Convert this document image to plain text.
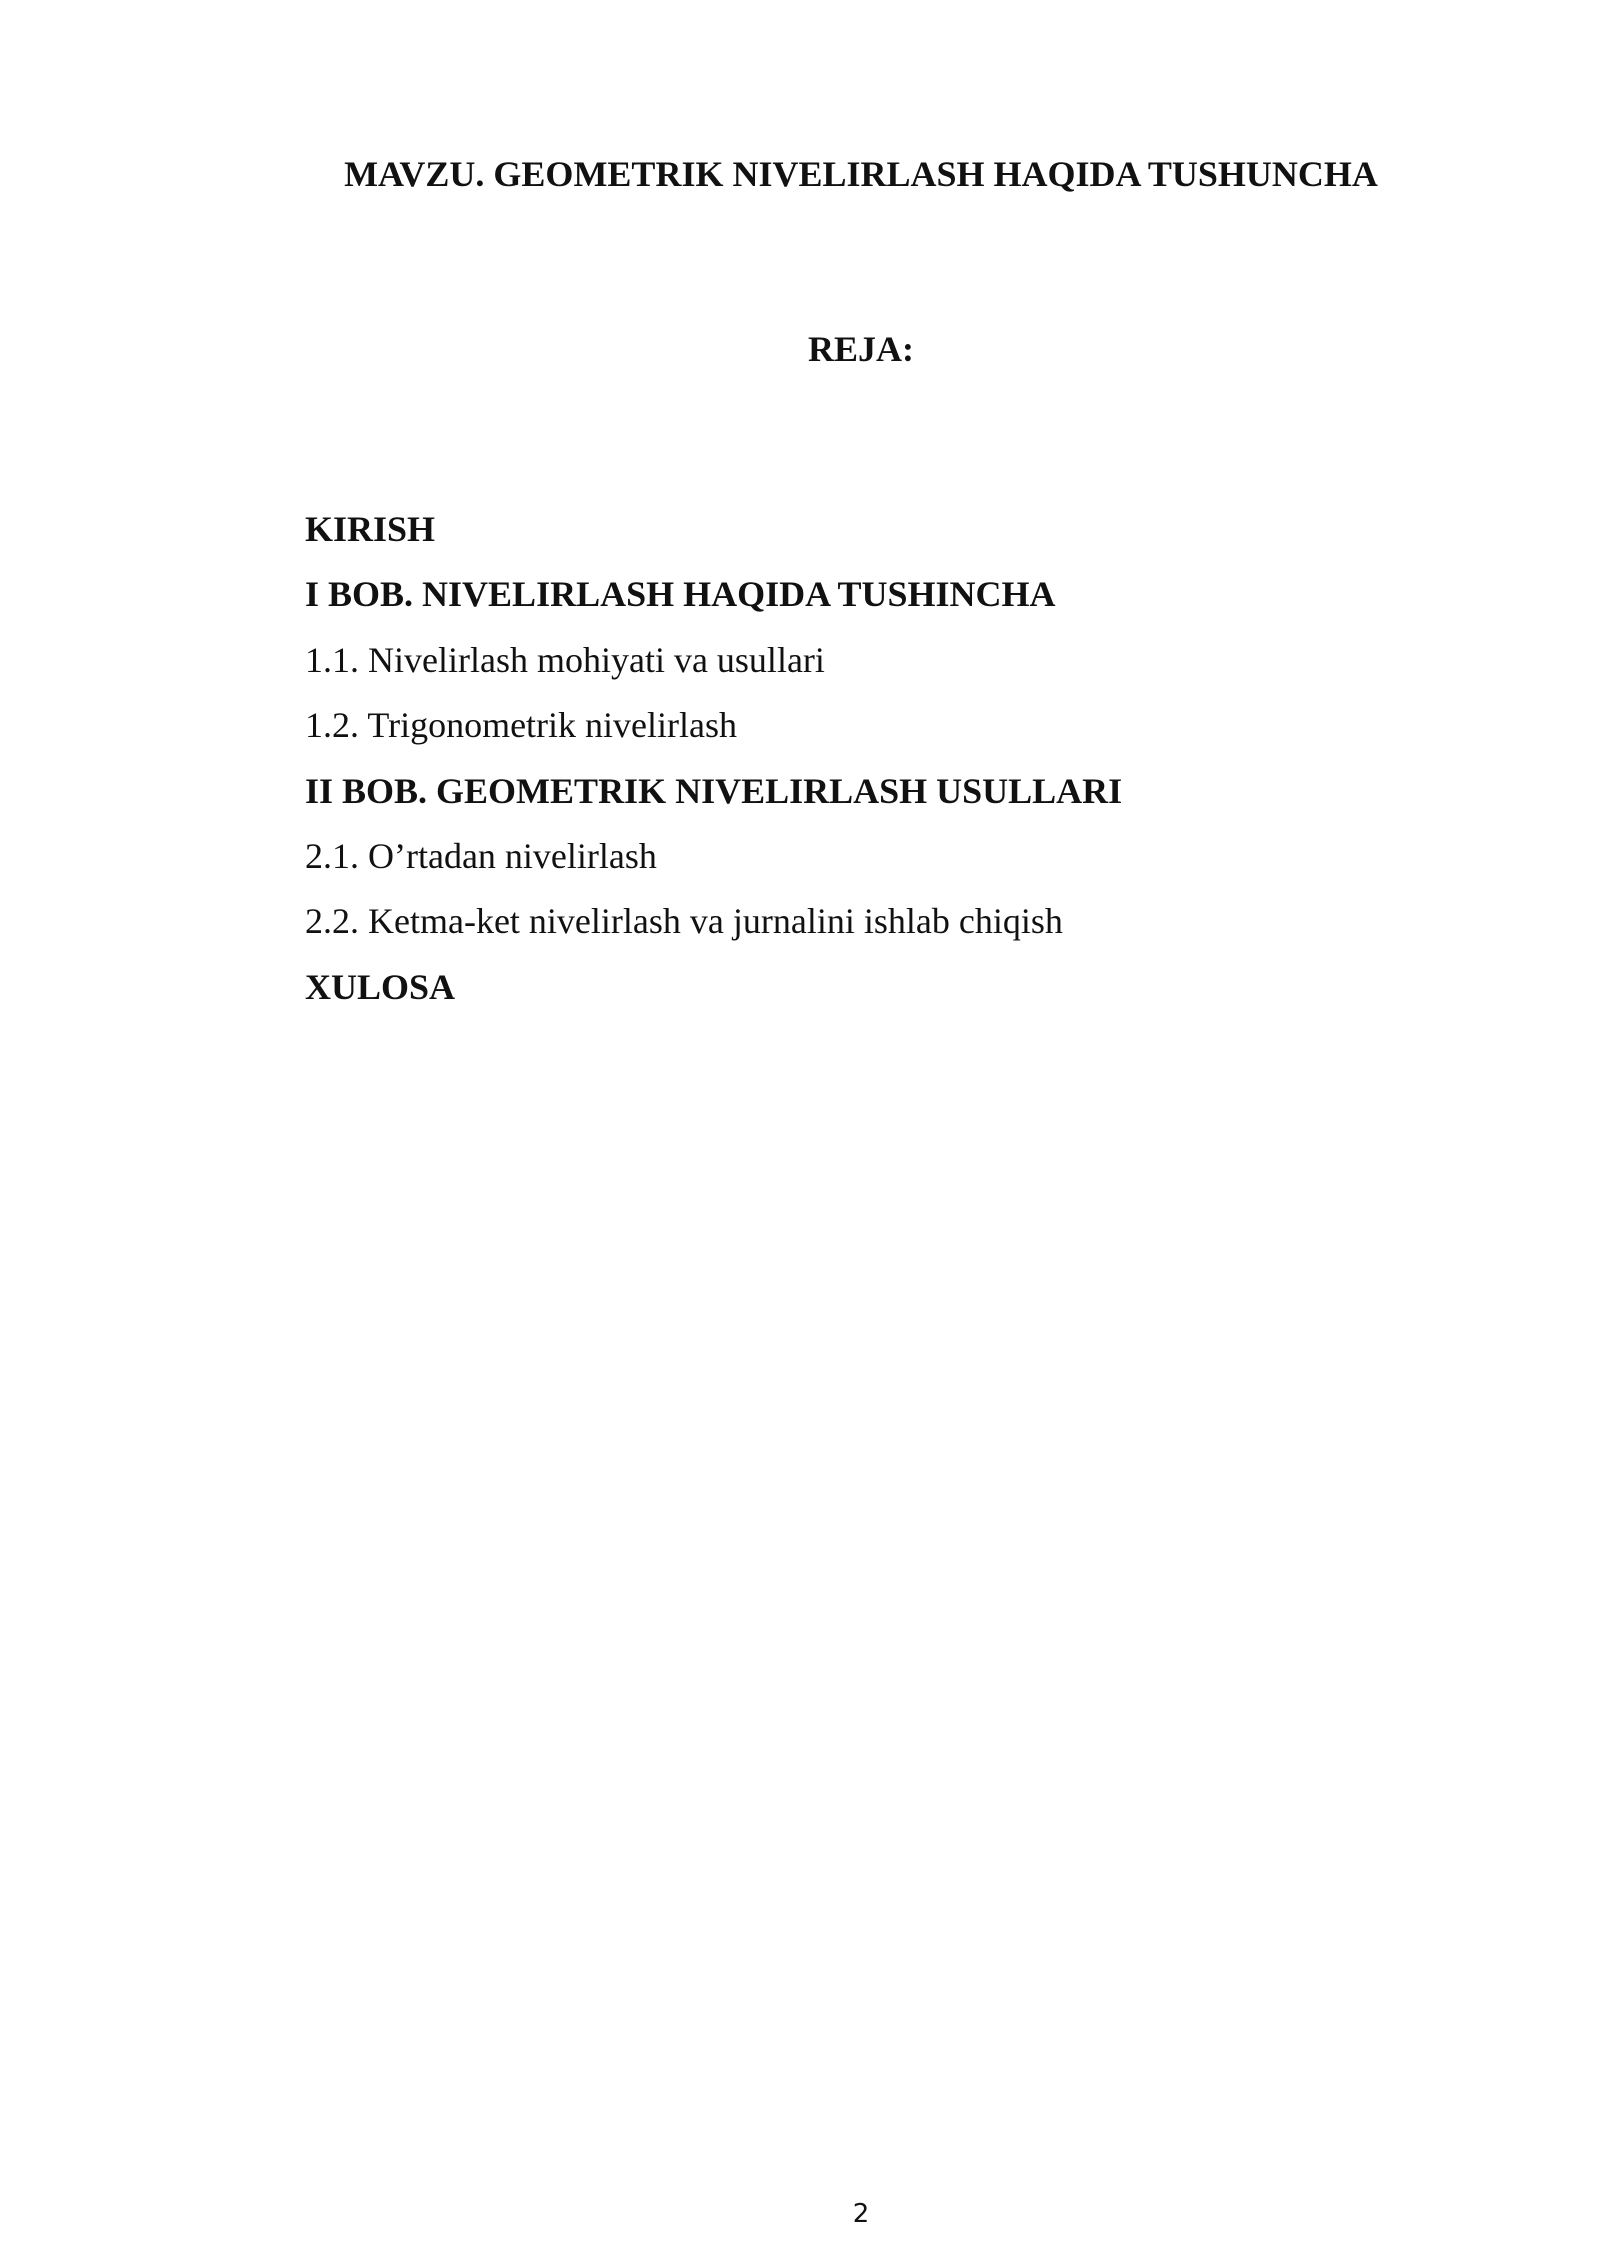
MAVZU. GEOMETRIK NIVELIRLASH HAQIDA TUSHUNCHA
REJA:
KIRISH
I BOB. NIVELIRLASH HAQIDA TUSHINCHA
1.1. Nivelirlash mohiyati va usullari
1.2. Trigonometrik nivelirlash
II BOB. GEOMETRIK NIVELIRLASH USULLARI
2.1. O’rtadan nivelirlash
2.2. Ketma-ket nivelirlash va jurnalini ishlab chiqish
XULOSA
2
